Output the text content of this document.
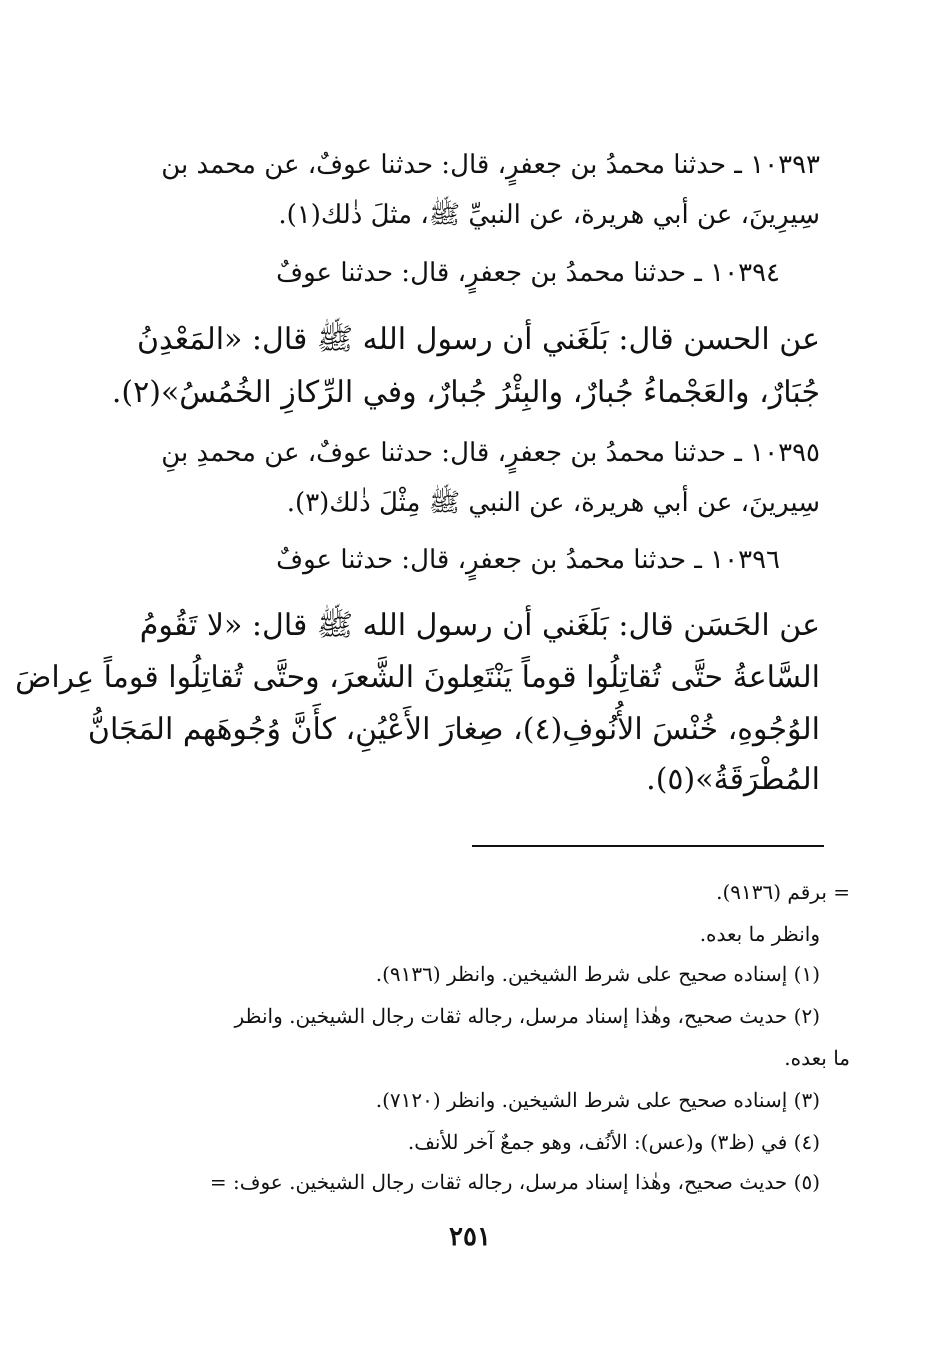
١٠٣٩٣ ـ حدثنا محمدُ بن جعفرٍ، قال: حدثنا عوفٌ، عن محمد بن
سِيرِينَ، عن أبي هريرة، عن النبيِّ ﷺ، مثلَ ذٰلك(١).
١٠٣٩٤ ـ حدثنا محمدُ بن جعفرٍ، قال: حدثنا عوفٌ
عن الحسن قال: بَلَغَني أن رسول الله ﷺ قال: «المَعْدِنُ
جُبَارٌ، والعَجْماءُ جُبارٌ، والبِئْرُ جُبارٌ، وفي الرِّكازِ الخُمُسُ»(٢).
١٠٣٩٥ ـ حدثنا محمدُ بن جعفرٍ، قال: حدثنا عوفٌ، عن محمدِ بنِ
سِيرينَ، عن أبي هريرة، عن النبي ﷺ مِثْلَ ذٰلك(٣).
١٠٣٩٦ ـ حدثنا محمدُ بن جعفرٍ، قال: حدثنا عوفٌ
عن الحَسَن قال: بَلَغَني أن رسول الله ﷺ قال: «لا تَقُومُ
السَّاعةُ حتَّى تُقاتِلُوا قوماً يَنْتَعِلونَ الشَّعرَ، وحتَّى تُقاتِلُوا قوماً عِراضَ
الوُجُوهِ، خُنْسَ الأُنُوفِ(٤)، صِغارَ الأَعْيُنِ، كأَنَّ وُجُوهَهم المَجَانُّ
المُطْرَقَةُ»(٥).
= برقم (٩١٣٦).
وانظر ما بعده.
(١) إسناده صحيح على شرط الشيخين. وانظر (٩١٣٦).
(٢) حديث صحيح، وهٰذا إسناد مرسل، رجاله ثقات رجال الشيخين. وانظر
ما بعده.
(٣) إسناده صحيح على شرط الشيخين. وانظر (٧١٢٠).
(٤) في (ظ٣) و(عس): الأنُف، وهو جمعٌ آخر للأنف.
(٥) حديث صحيح، وهٰذا إسناد مرسل، رجاله ثقات رجال الشيخين. عوف: =
٢٥١
